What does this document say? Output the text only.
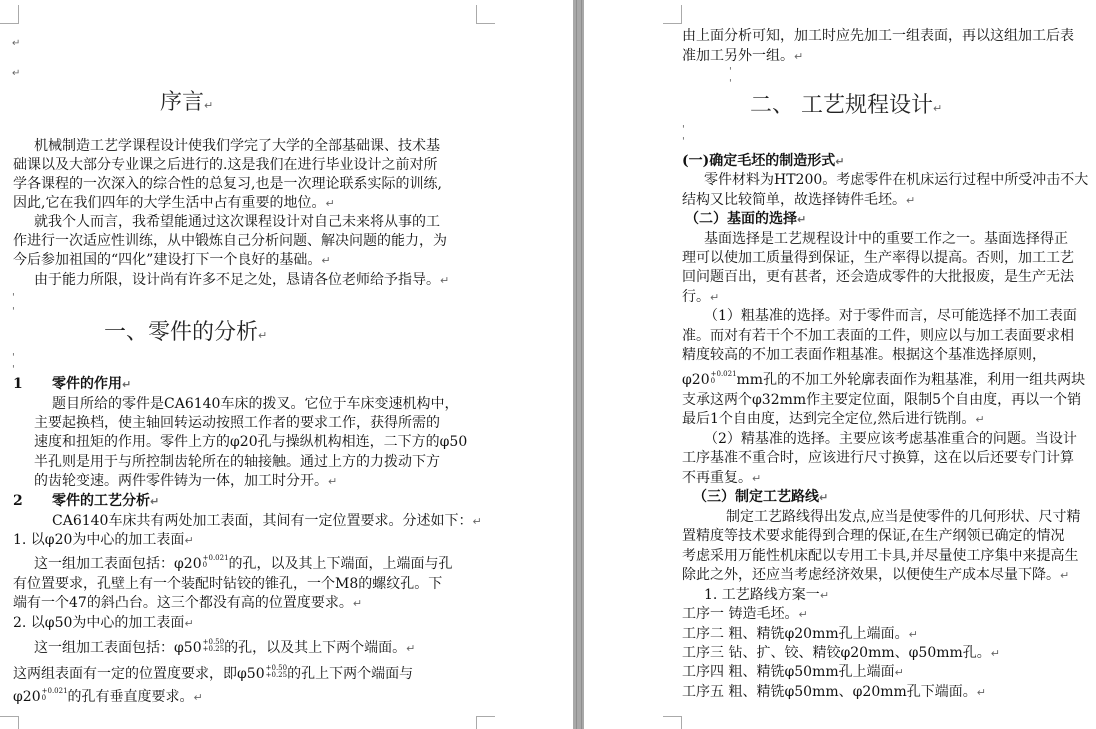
↵
↵
序言↵
机械制造工艺学课程设计使我们学完了大学的全部基础课、技术基
础课以及大部分专业课之后进行的.这是我们在进行毕业设计之前对所
学各课程的一次深入的综合性的总复习,也是一次理论联系实际的训练,
因此,它在我们四年的大学生活中占有重要的地位。↵
就我个人而言，我希望能通过这次课程设计对自己未来将从事的工
作进行一次适应性训练，从中锻炼自己分析问题、解决问题的能力，为
今后参加祖国的“四化”建设打下一个良好的基础。↵
由于能力所限，设计尚有许多不足之处，恳请各位老师给予指导。↵
'
'
一、零件的分析↵
'
'
1 零件的作用↵
题目所给的零件是CA6140车床的拨叉。它位于车床变速机构中，
主要起换档，使主轴回转运动按照工作者的要求工作，获得所需的
速度和扭矩的作用。零件上方的φ20孔与操纵机构相连，二下方的φ50
半孔则是用于与所控制齿轮所在的轴接触。通过上方的力拨动下方
的齿轮变速。两件零件铸为一体，加工时分开。↵
2 零件的工艺分析↵
CA6140车床共有两处加工表面，其间有一定位置要求。分述如下：↵
1. 以φ20为中心的加工表面↵
这一组加工表面包括：φ20 +0.021
0	的孔，以及其上下端面，上端面与孔
有位置要求，孔壁上有一个装配时钻铰的锥孔，一个M8的螺纹孔。下
端有一个47的斜凸台。这三个都没有高的位置度要求。↵
2. 以φ50为中心的加工表面↵
这一组加工表面包括：φ50 +0.50
+0.25 的孔，以及其上下两个端面。↵
这两组表面有一定的位置度要求，即φ50 +0.50
+0.25 的孔上下两个端面与
φ20 +0.021
0	的孔有垂直度要求。↵
由上面分析可知，加工时应先加工一组表面，再以这组加工后表
准加工另外一组。↵
'
'
二、 工艺规程设计↵
'
'
(一)确定毛坯的制造形式↵
零件材料为HT200。考虑零件在机床运行过程中所受冲击不大
结构又比较简单，故选择铸件毛坯。↵
（二）基面的选择↵
基面选择是工艺规程设计中的重要工作之一。基面选择得正
理可以使加工质量得到保证，生产率得以提高。否则，加工工艺
回问题百出，更有甚者，还会造成零件的大批报废，是生产无法
行。↵
（1）粗基准的选择。对于零件而言，尽可能选择不加工表面
准。而对有若干个不加工表面的工件，则应以与加工表面要求相
精度较高的不加工表面作粗基准。根据这个基准选择原则，
φ20 +0.021
0	mm孔的不加工外轮廓表面作为粗基准，利用一组共两块
支承这两个φ32mm作主要定位面，限制5个自由度，再以一个销
最后1个自由度，达到完全定位,然后进行铣削。↵
（2）精基准的选择。主要应该考虑基准重合的问题。当设计
工序基准不重合时，应该进行尺寸换算，这在以后还要专门计算
不再重复。↵
（三）制定工艺路线↵
制定工艺路线得出发点,应当是使零件的几何形状、尺寸精
置精度等技术要求能得到合理的保证,在生产纲领已确定的情况
考虑采用万能性机床配以专用工卡具,并尽量使工序集中来提高生
除此之外，还应当考虑经济效果，以便使生产成本尽量下降。↵
1. 工艺路线方案一↵
工序一 铸造毛坯。↵
工序二 粗、精铣φ20mm孔上端面。↵
工序三 钻、扩、铰、精铰φ20mm、φ50mm孔。↵
工序四 粗、精铣φ50mm孔上端面↵
工序五 粗、精铣φ50mm、φ20mm孔下端面。↵
